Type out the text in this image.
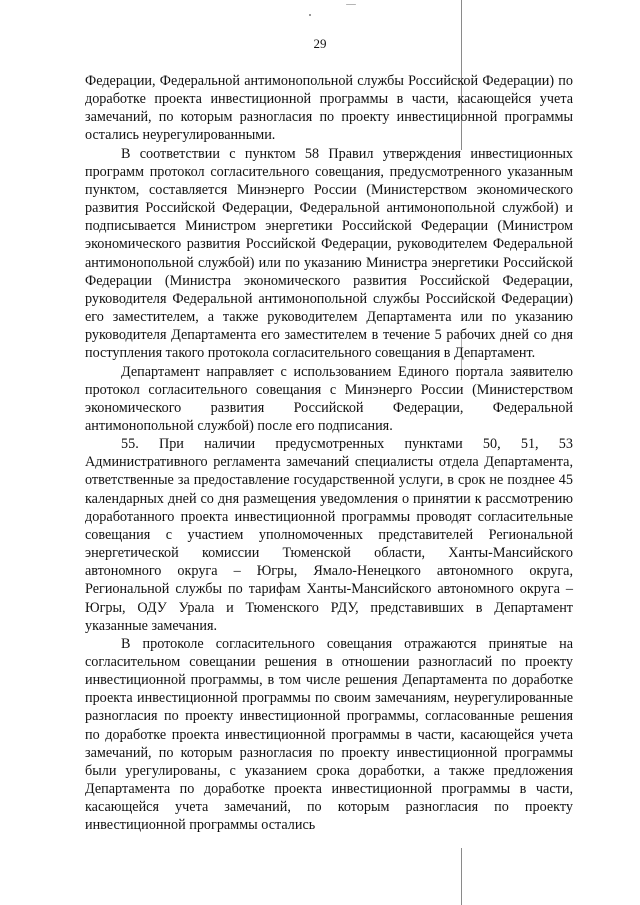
29

Федерации, Федеральной антимонопольной службы Российской Федерации) по доработке проекта инвестиционной программы в части, касающейся учета замечаний, по которым разногласия по проекту инвестиционной программы остались неурегулированными.

В соответствии с пунктом 58 Правил утверждения инвестиционных программ протокол согласительного совещания, предусмотренного указанным пунктом, составляется Минэнерго России (Министерством экономического развития Российской Федерации, Федеральной антимонопольной службой) и подписывается Министром энергетики Российской Федерации (Министром экономического развития Российской Федерации, руководителем Федеральной антимонопольной службой) или по указанию Министра энергетики Российской Федерации (Министра экономического развития Российской Федерации, руководителя Федеральной антимонопольной службы Российской Федерации) его заместителем, а также руководителем Департамента или по указанию руководителя Департамента его заместителем в течение 5 рабочих дней со дня поступления такого протокола согласительного совещания в Департамент.

Департамент направляет с использованием Единого портала заявителю протокол согласительного совещания с Минэнерго России (Министерством экономического развития Российской Федерации, Федеральной антимонопольной службой) после его подписания.

55. При наличии предусмотренных пунктами 50, 51, 53 Административного регламента замечаний специалисты отдела Департамента, ответственные за предоставление государственной услуги, в срок не позднее 45 календарных дней со дня размещения уведомления о принятии к рассмотрению доработанного проекта инвестиционной программы проводят согласительные совещания с участием уполномоченных представителей Региональной энергетической комиссии Тюменской области, Ханты-Мансийского автономного округа – Югры, Ямало-Ненецкого автономного округа, Региональной службы по тарифам Ханты-Мансийского автономного округа – Югры, ОДУ Урала и Тюменского РДУ, представивших в Департамент указанные замечания.

В протоколе согласительного совещания отражаются принятые на согласительном совещании решения в отношении разногласий по проекту инвестиционной программы, в том числе решения Департамента по доработке проекта инвестиционной программы по своим замечаниям, неурегулированные разногласия по проекту инвестиционной программы, согласованные решения по доработке проекта инвестиционной программы в части, касающейся учета замечаний, по которым разногласия по проекту инвестиционной программы были урегулированы, с указанием срока доработки, а также предложения Департамента по доработке проекта инвестиционной программы в части, касающейся учета замечаний, по которым разногласия по проекту инвестиционной программы остались
